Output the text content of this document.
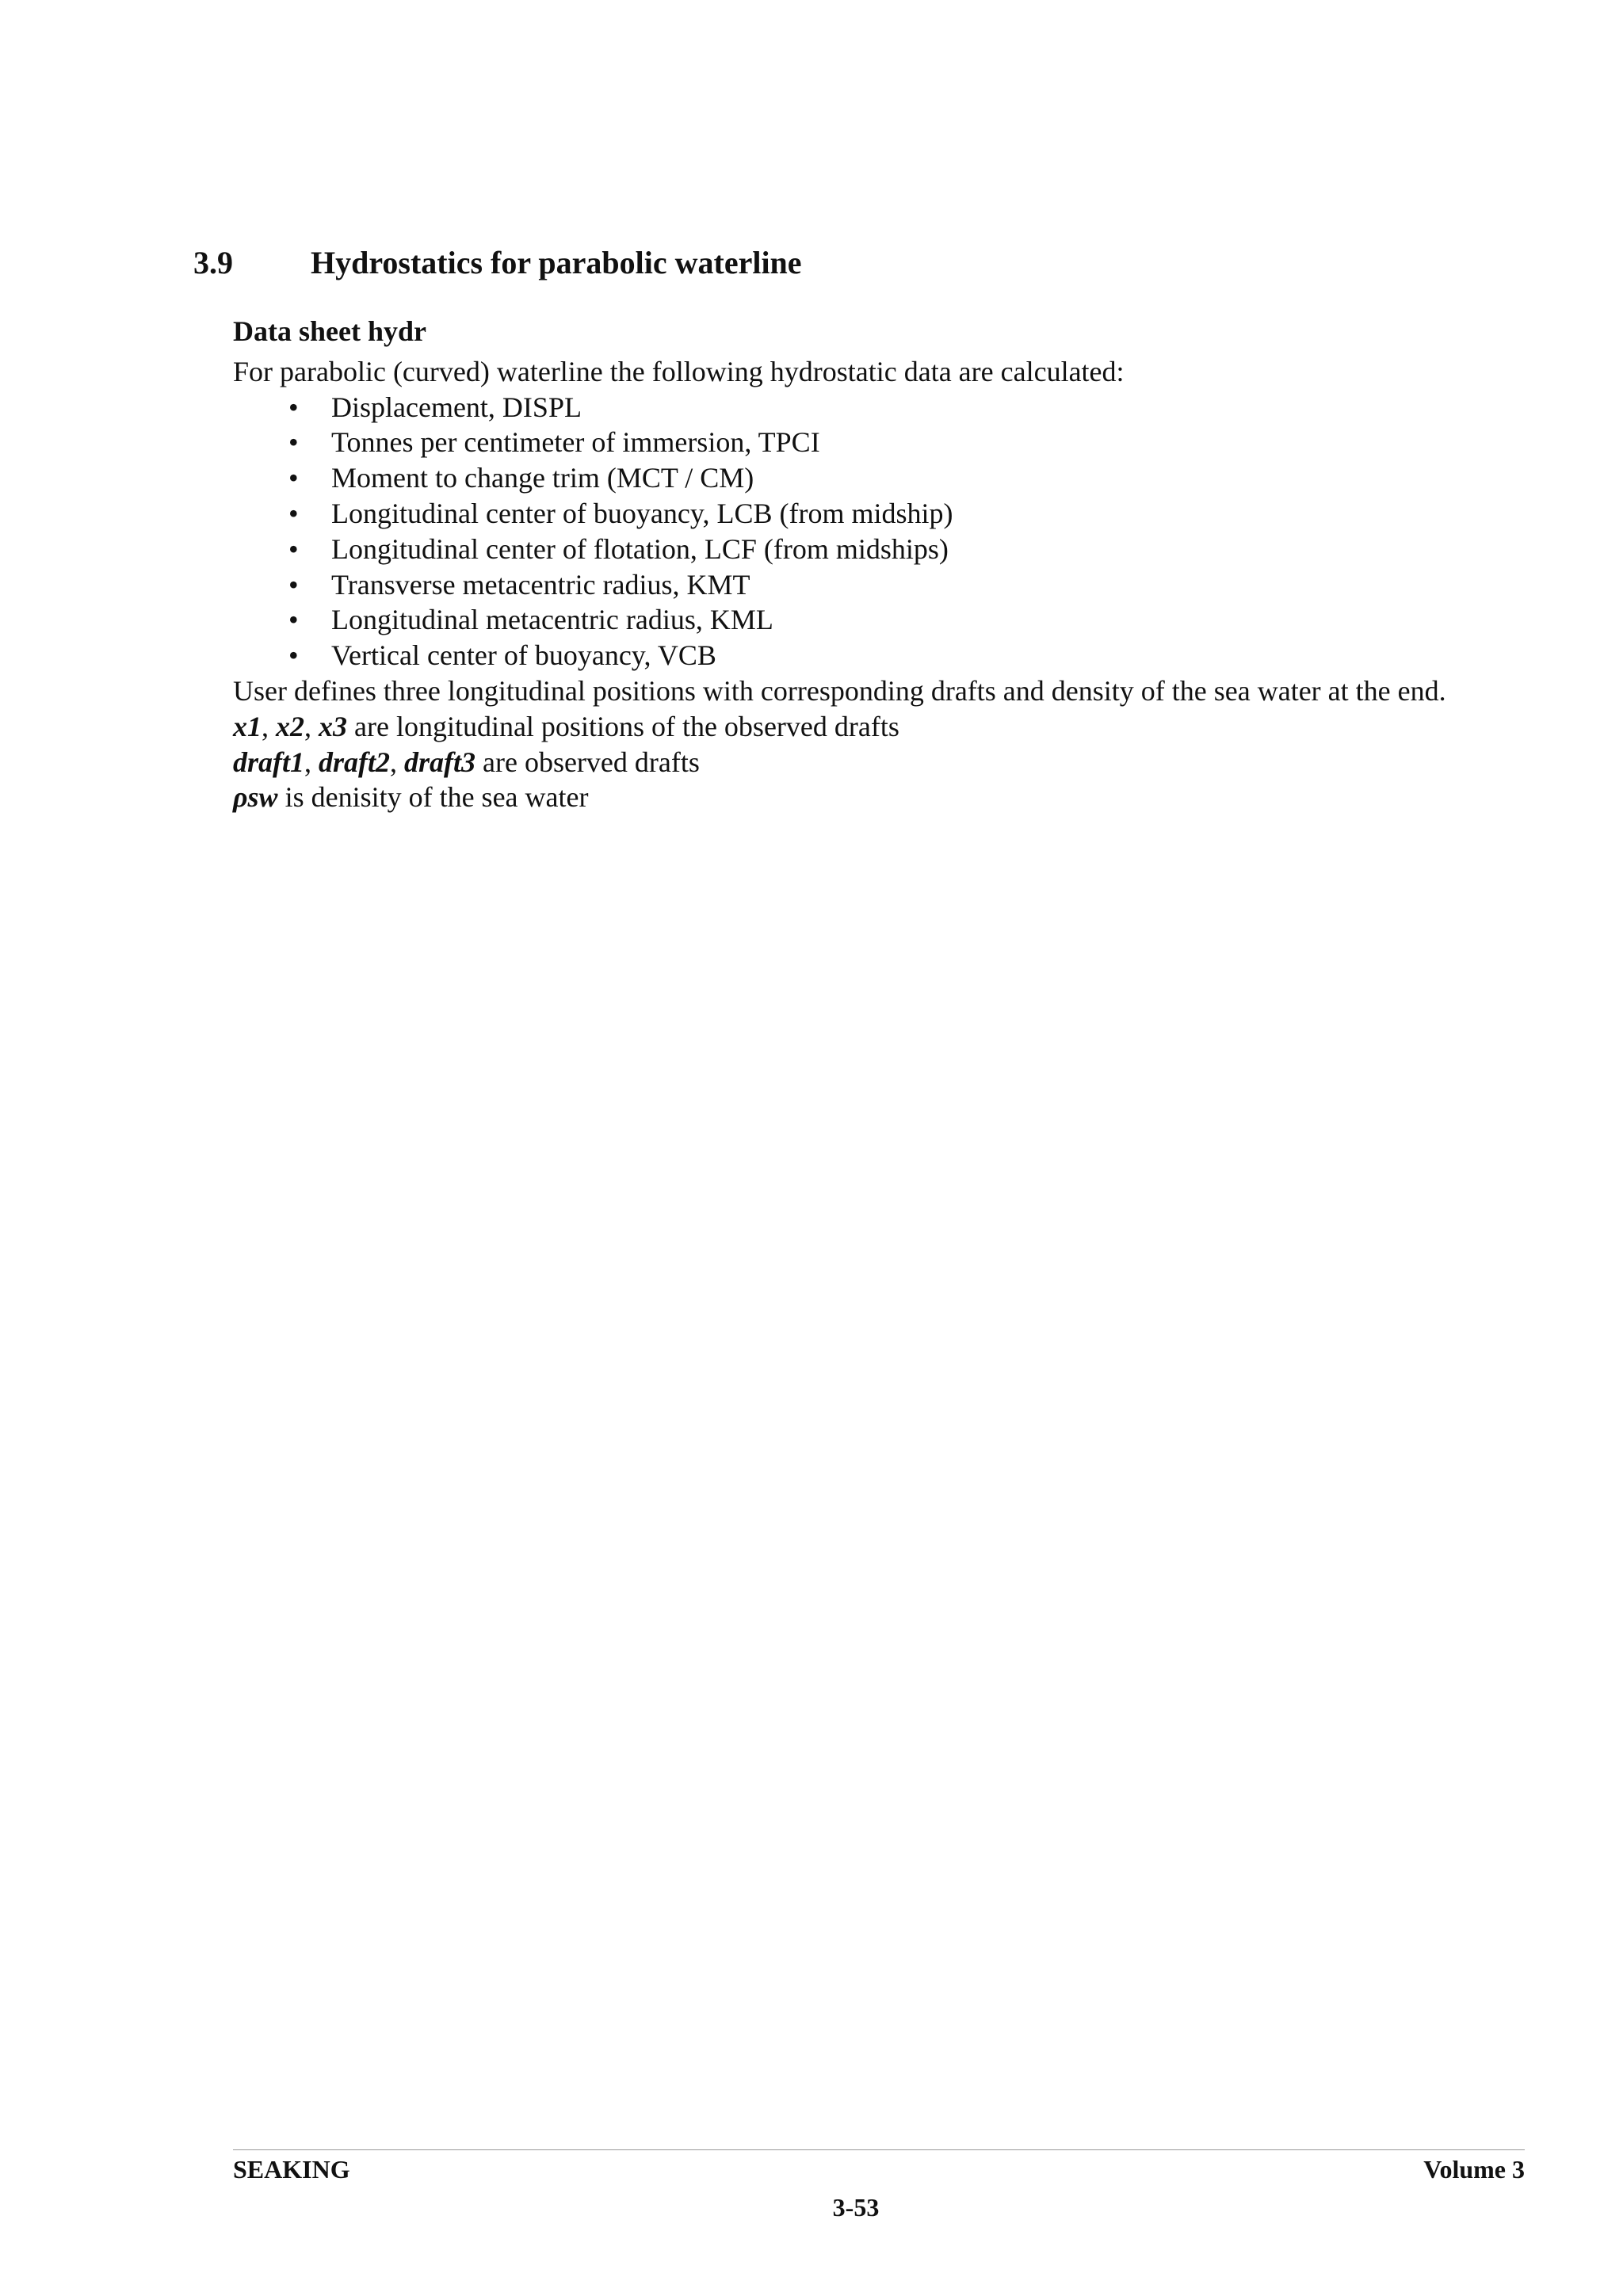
3.9 Hydrostatics for parabolic waterline
Data sheet hydr
For parabolic (curved) waterline the following hydrostatic data are calculated:
• Displacement, DISPL
• Tonnes per centimeter of immersion, TPCI
• Moment to change trim (MCT / CM)
• Longitudinal center of buoyancy, LCB (from midship)
• Longitudinal center of flotation, LCF (from midships)
• Transverse metacentric radius, KMT
• Longitudinal metacentric radius, KML
• Vertical center of buoyancy, VCB
User defines three longitudinal positions with corresponding drafts and density of the sea water at the end.
x1, x2, x3 are longitudinal positions of the observed drafts
draft1, draft2, draft3 are observed drafts
ρsw is denisity of the sea water
SEAKING	Volume 3
3-53
